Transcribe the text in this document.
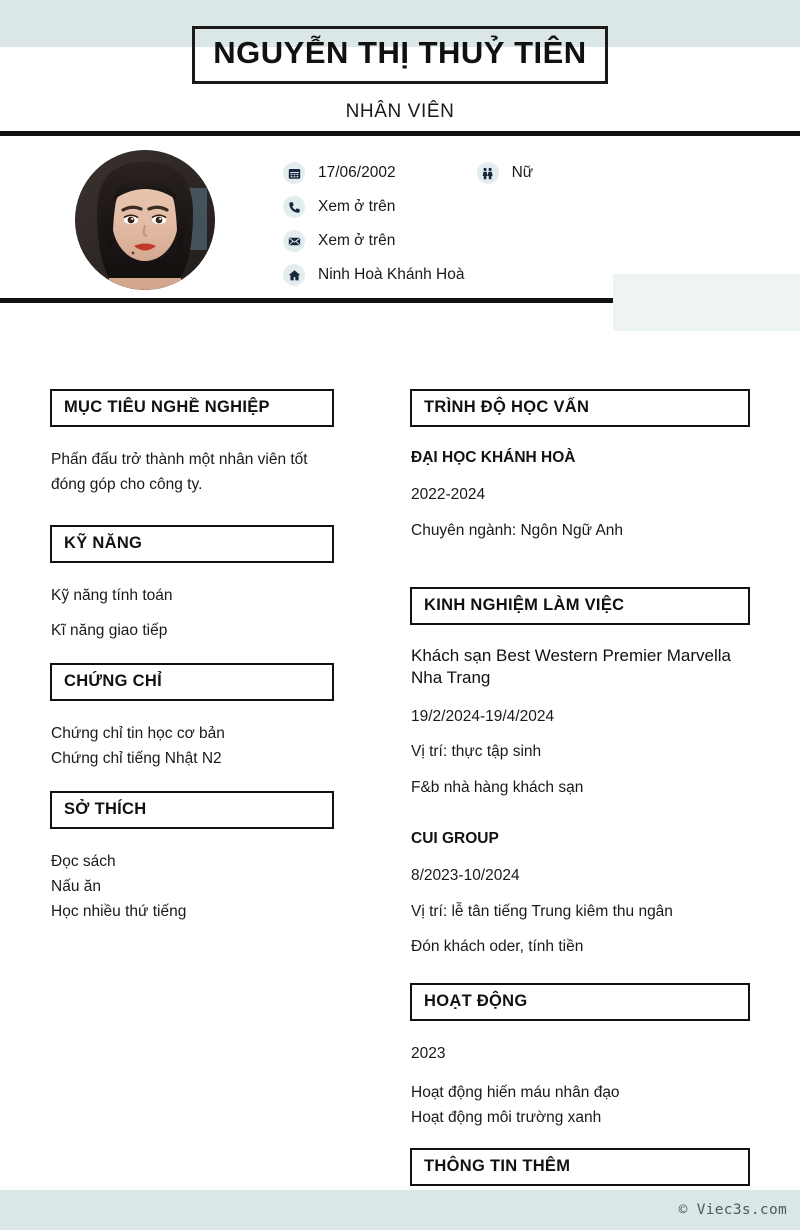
NGUYỄN THỊ THUỶ TIÊN
NHÂN VIÊN
17/06/2002	Nữ
Xem ở trên
Xem ở trên
Ninh Hoà Khánh Hoà
MỤC TIÊU NGHỀ NGHIỆP

Phấn đấu trở thành một nhân viên tốt đóng góp cho công ty.

KỸ NĂNG
Kỹ năng tính toán
Kĩ năng giao tiếp
CHỨNG CHỈ
Chứng chỉ tin học cơ bản
Chứng chỉ tiếng Nhật N2
SỞ THÍCH
Đọc sách
Nấu ăn
Học nhiều thứ tiếng
TRÌNH ĐỘ HỌC VẤN
ĐẠI HỌC KHÁNH HOÀ
2022-2024
Chuyên ngành: Ngôn Ngữ Anh
KINH NGHIỆM LÀM VIỆC
Khách sạn Best Western Premier Marvella Nha Trang
19/2/2024-19/4/2024
Vị trí: thực tập sinh
F&b nhà hàng khách sạn
CUI GROUP
8/2023-10/2024
Vị trí: lễ tân tiếng Trung kiêm thu ngân
Đón khách oder, tính tiền
HOẠT ĐỘNG
2023
Hoạt động hiến máu nhân đạo
Hoạt động môi trường xanh
THÔNG TIN THÊM
© Viec3s.com
